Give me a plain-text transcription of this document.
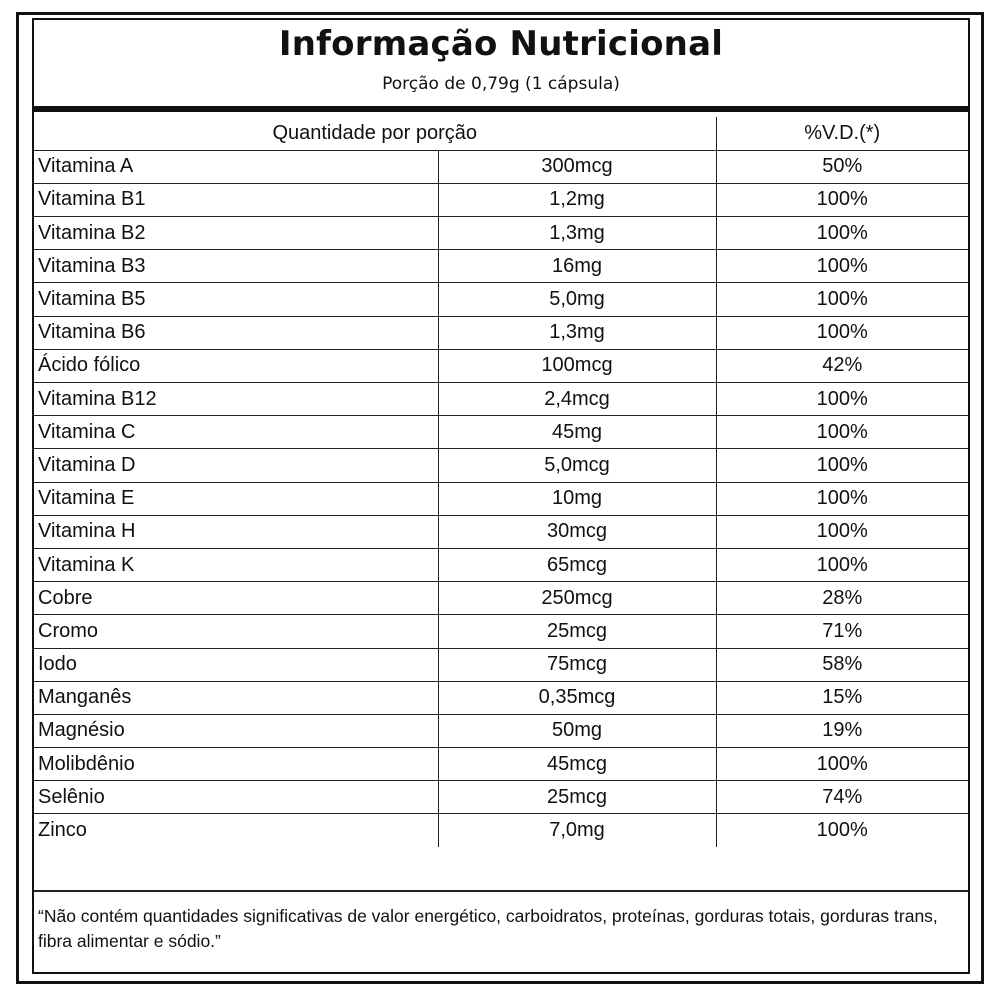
Informação Nutricional
Porção de 0,79g (1 cápsula)
Quantidade por porção		%V.D.(*)
Vitamina A	300mcg	50%
Vitamina B1	1,2mg	100%
Vitamina B2	1,3mg	100%
Vitamina B3	16mg	100%
Vitamina B5	5,0mg	100%
Vitamina B6	1,3mg	100%
Ácido fólico	100mcg	42%
Vitamina B12	2,4mcg	100%
Vitamina C	45mg	100%
Vitamina D	5,0mcg	100%
Vitamina E	10mg	100%
Vitamina H	30mcg	100%
Vitamina K	65mcg	100%
Cobre	250mcg	28%
Cromo	25mcg	71%
Iodo	75mcg	58%
Manganês	0,35mcg	15%
Magnésio	50mg	19%
Molibdênio	45mcg	100%
Selênio	25mcg	74%
Zinco	7,0mg	100%
“Não contém quantidades significativas de valor energético, carboidratos, proteínas, gorduras totais, gorduras trans, fibra alimentar e sódio.”
